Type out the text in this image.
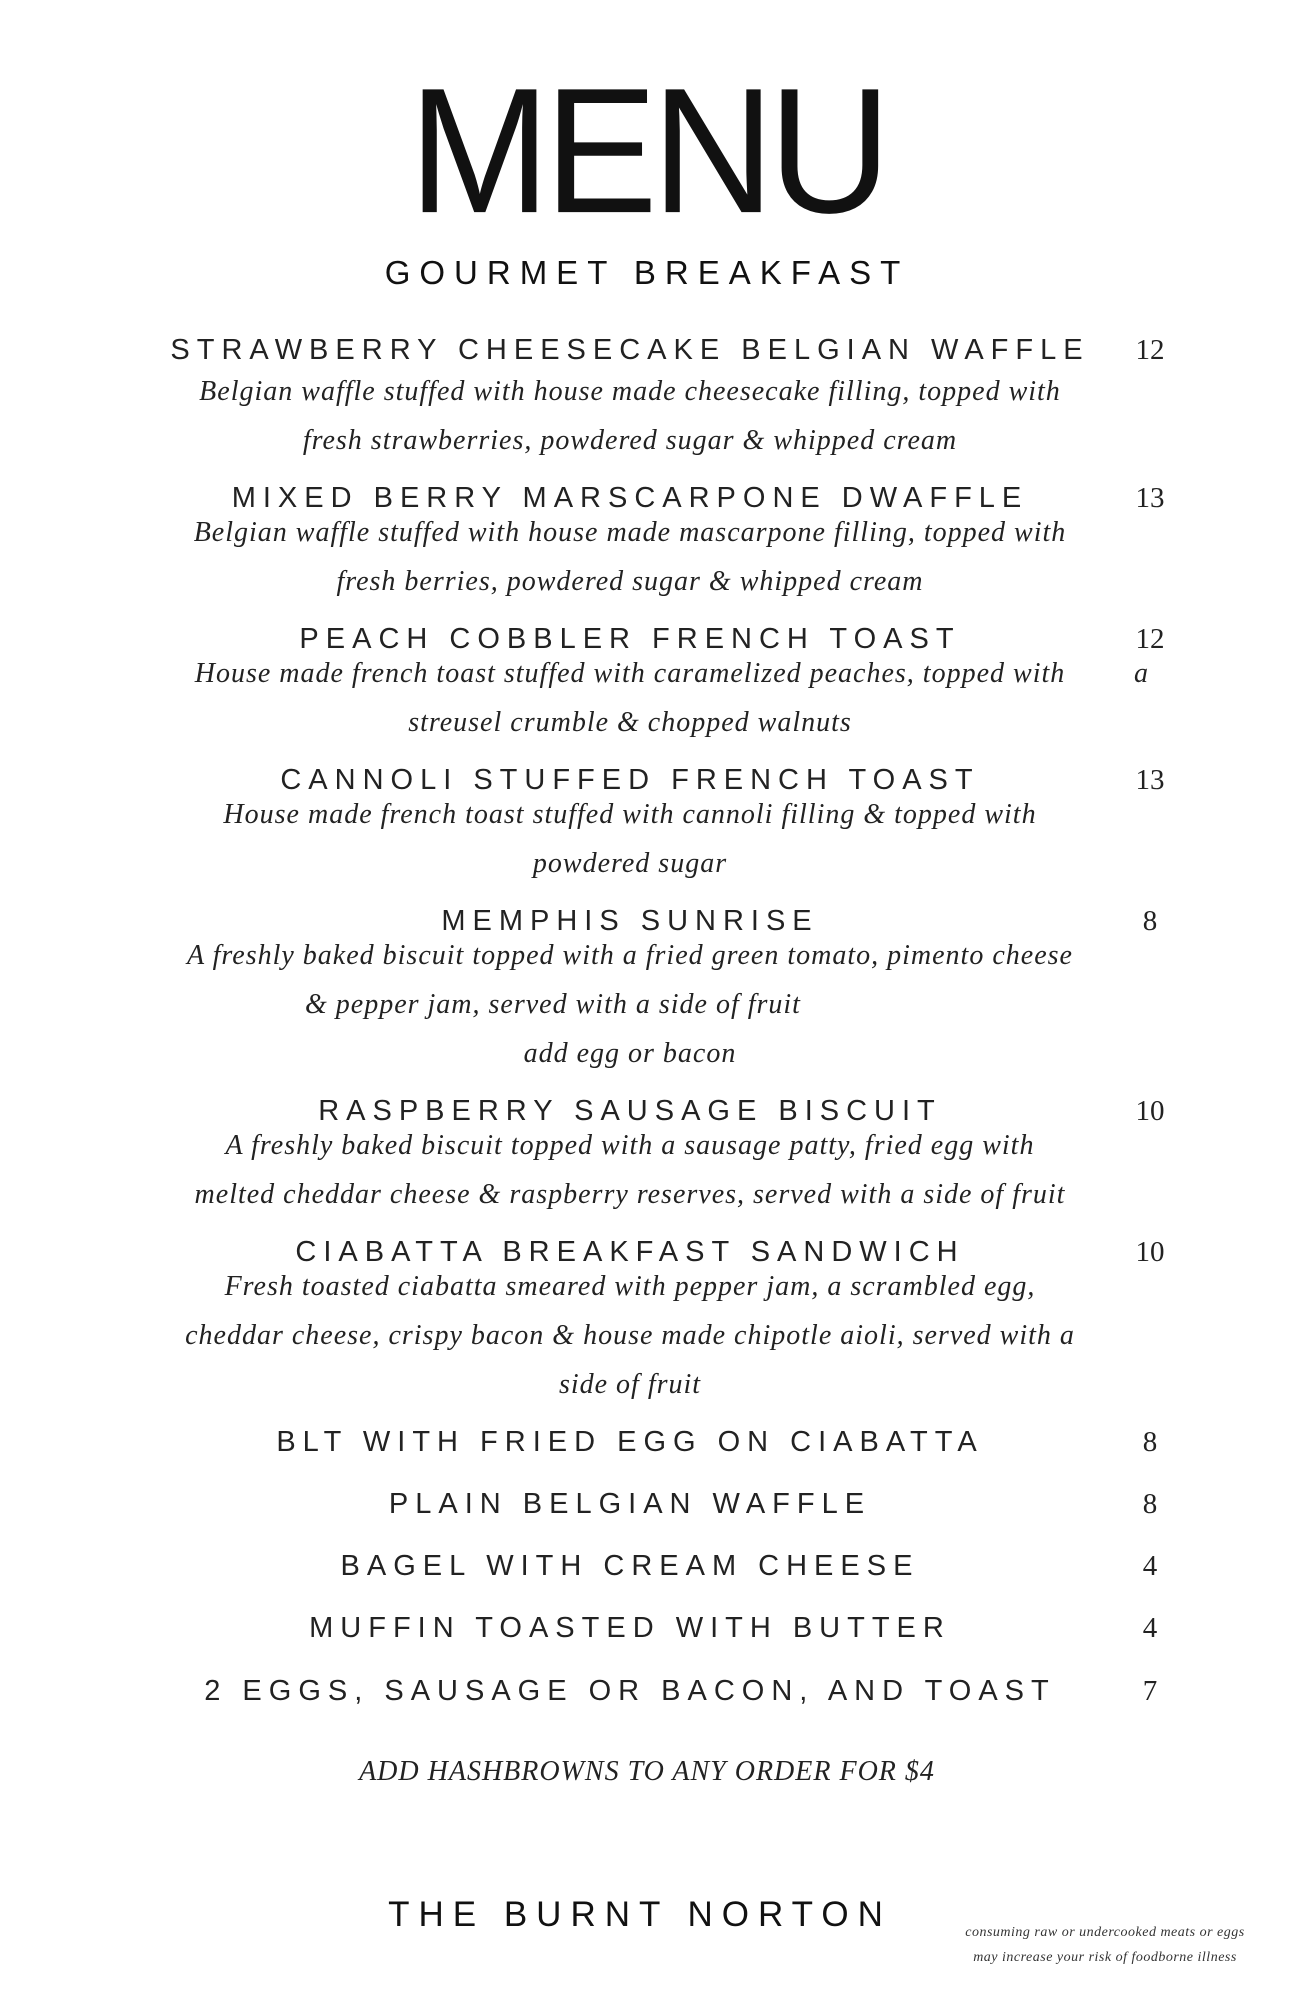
MENU
GOURMET BREAKFAST
STRAWBERRY CHEESECAKE BELGIAN WAFFLE	12
Belgian waffle stuffed with house made cheesecake filling, topped with
fresh strawberries, powdered sugar & whipped cream
MIXED BERRY MARSCARPONE DWAFFLE	13
Belgian waffle stuffed with house made mascarpone filling, topped with
fresh berries, powdered sugar & whipped cream
PEACH COBBLER FRENCH TOAST	12
House made french toast stuffed with caramelized peaches, topped with	a
streusel crumble & chopped walnuts
CANNOLI STUFFED FRENCH TOAST	13
House made french toast stuffed with cannoli filling & topped with
powdered sugar
MEMPHIS SUNRISE	8
A freshly baked biscuit topped with a fried green tomato, pimento cheese
& pepper jam, served with a side of fruit
add egg or bacon
RASPBERRY SAUSAGE BISCUIT	10
A freshly baked biscuit topped with a sausage patty, fried egg with
melted cheddar cheese & raspberry reserves, served with a side of fruit
CIABATTA BREAKFAST SANDWICH	10
Fresh toasted ciabatta smeared with pepper jam, a scrambled egg,
cheddar cheese, crispy bacon & house made chipotle aioli, served with a
side of fruit
BLT WITH FRIED EGG ON CIABATTA	8
PLAIN BELGIAN WAFFLE	8
BAGEL WITH CREAM CHEESE	4
MUFFIN TOASTED WITH BUTTER	4
2 EGGS, SAUSAGE OR BACON, AND TOAST	7
ADD HASHBROWNS TO ANY ORDER FOR $4
THE BURNT NORTON	consuming raw or undercooked meats or eggs
may increase your risk of foodborne illness
